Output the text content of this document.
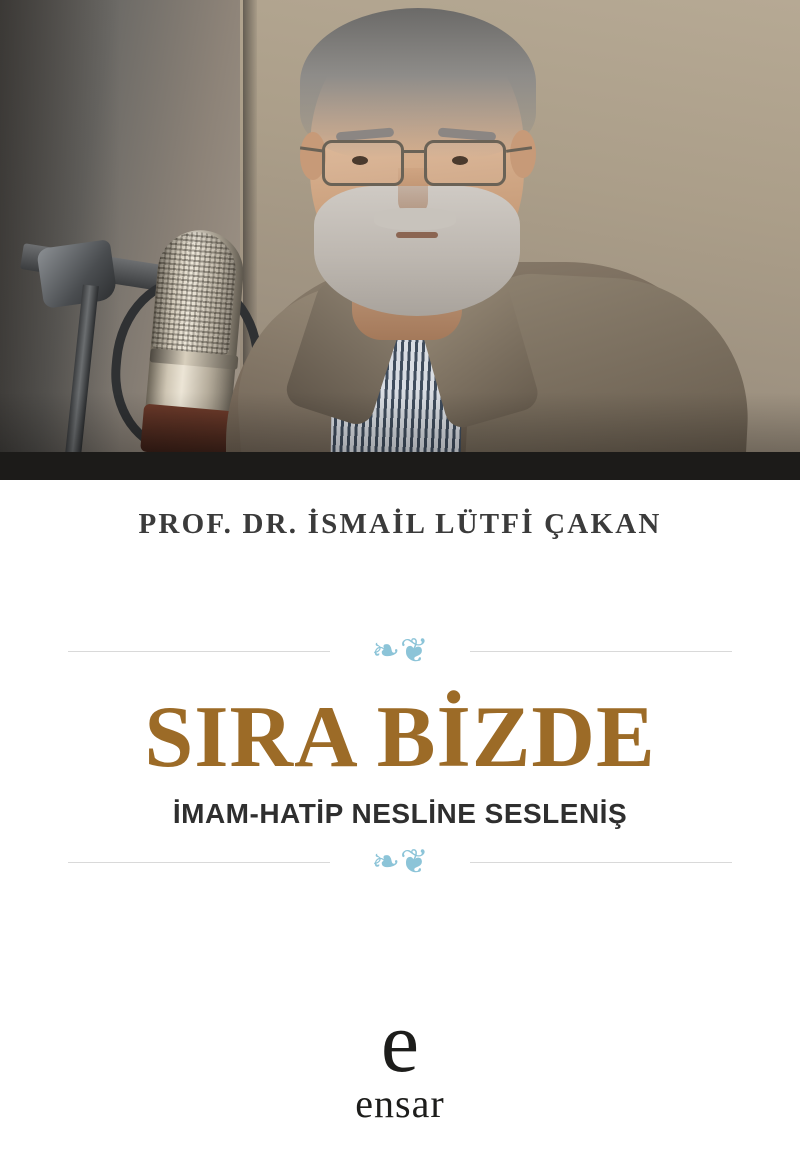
PROF. DR. İSMAİL LÜTFİ ÇAKAN
❧❦
SIRA BİZDE
İMAM-HATİP NESLİNE SESLENİŞ
❧❦
e
ensar
